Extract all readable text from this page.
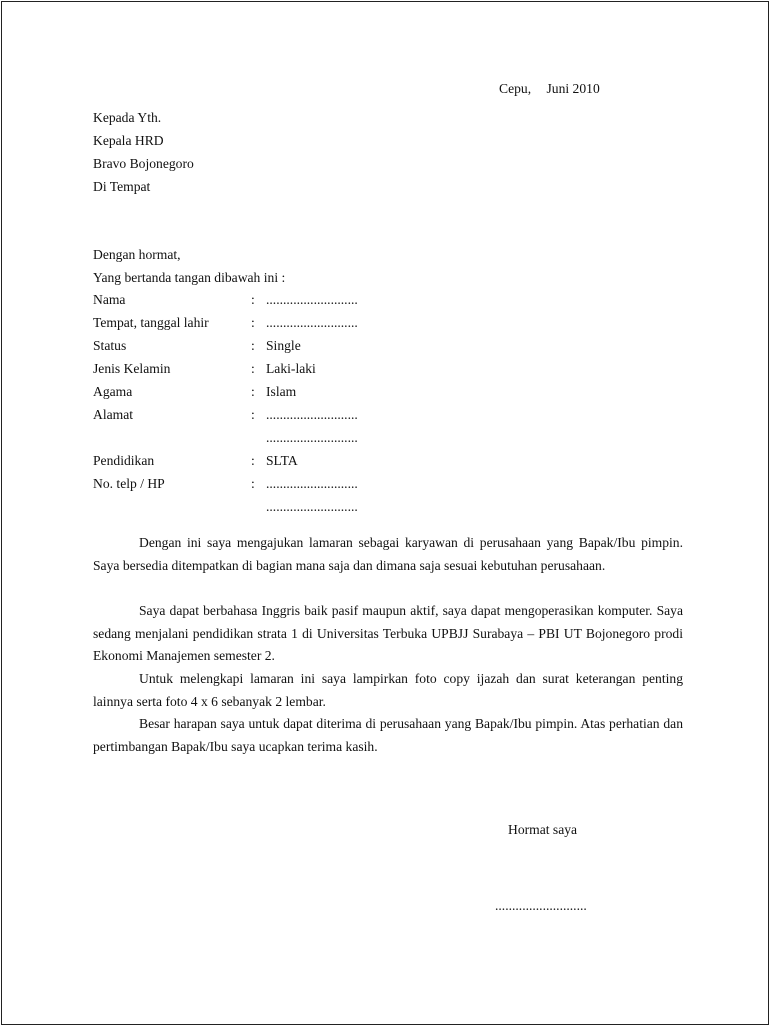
Cepu, Juni 2010
Kepada Yth.
Kepala HRD
Bravo Bojonegoro
Di Tempat
Dengan hormat,
Yang bertanda tangan dibawah ini :
Nama	: ...........................
Tempat, tanggal lahir	: ...........................
Status	: Single
Jenis Kelamin	: Laki-laki
Agama	: Islam
Alamat	: ...........................
...........................
Pendidikan	: SLTA
No. telp / HP	: ...........................
...........................

Dengan ini saya mengajukan lamaran sebagai karyawan di perusahaan yang Bapak/Ibu pimpin. Saya bersedia ditempatkan di bagian mana saja dan dimana saja sesuai kebutuhan perusahaan.

Saya dapat berbahasa Inggris baik pasif maupun aktif, saya dapat mengoperasikan komputer. Saya sedang menjalani pendidikan strata 1 di Universitas Terbuka UPBJJ Surabaya – PBI UT Bojonegoro prodi Ekonomi Manajemen semester 2.

Untuk melengkapi lamaran ini saya lampirkan foto copy ijazah dan surat keterangan penting lainnya serta foto 4 x 6 sebanyak 2 lembar.

Besar harapan saya untuk dapat diterima di perusahaan yang Bapak/Ibu pimpin. Atas perhatian dan pertimbangan Bapak/Ibu saya ucapkan terima kasih.

Hormat saya
...........................
